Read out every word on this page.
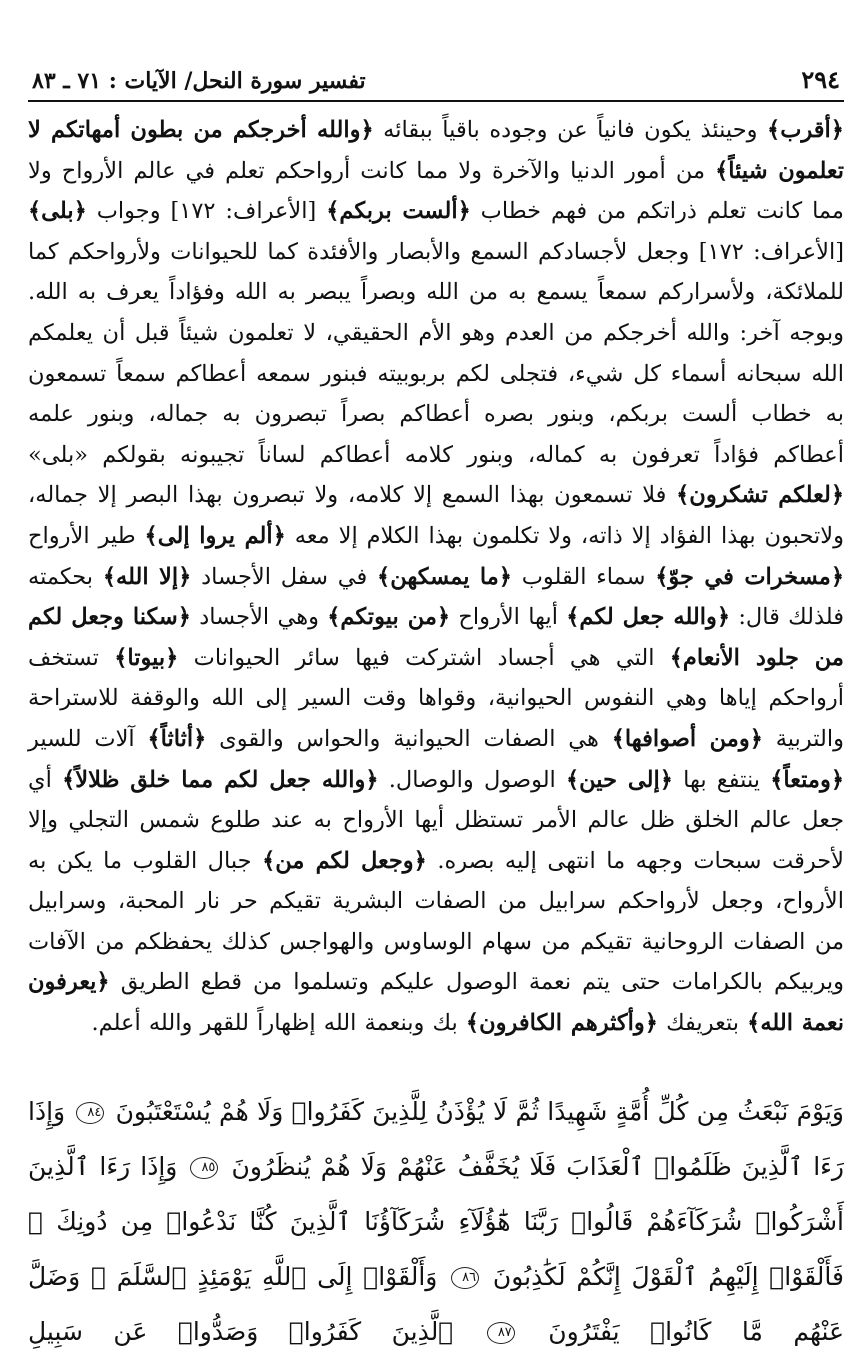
٢٩٤
تفسير سورة النحل/ الآيات : ٧١ ـ ٨٣

﴿أقرب﴾ وحينئذ يكون فانياً عن وجوده باقياً ببقائه ﴿والله أخرجكم من بطون أمهاتكم لا تعلمون شيئاً﴾ من أمور الدنيا والآخرة ولا مما كانت أرواحكم تعلم في عالم الأرواح ولا مما كانت تعلم ذراتكم من فهم خطاب ﴿ألست بربكم﴾ [الأعراف: ١٧٢] وجواب ﴿بلى﴾ [الأعراف: ١٧٢] وجعل لأجسادكم السمع والأبصار والأفئدة كما للحيوانات ولأرواحكم كما للملائكة، ولأسراركم سمعاً يسمع به من الله وبصراً يبصر به الله وفؤاداً يعرف به الله. وبوجه آخر: والله أخرجكم من العدم وهو الأم الحقيقي، لا تعلمون شيئاً قبل أن يعلمكم الله سبحانه أسماء كل شيء، فتجلى لكم بربوبيته فبنور سمعه أعطاكم سمعاً تسمعون به خطاب ألست بربكم، وبنور بصره أعطاكم بصراً تبصرون به جماله، وبنور علمه أعطاكم فؤاداً تعرفون به كماله، وبنور كلامه أعطاكم لساناً تجيبونه بقولكم «بلى» ﴿لعلكم تشكرون﴾ فلا تسمعون بهذا السمع إلا كلامه، ولا تبصرون بهذا البصر إلا جماله، ولاتحبون بهذا الفؤاد إلا ذاته، ولا تكلمون بهذا الكلام إلا معه ﴿ألم يروا إلى﴾ طير الأرواح ﴿مسخرات في جوّ﴾ سماء القلوب ﴿ما يمسكهن﴾ في سفل الأجساد ﴿إلا الله﴾ بحكمته فلذلك قال: ﴿والله جعل لكم﴾ أيها الأرواح ﴿من بيوتكم﴾ وهي الأجساد ﴿سكنا وجعل لكم من جلود الأنعام﴾ التي هي أجساد اشتركت فيها سائر الحيوانات ﴿بيوتا﴾ تستخف أرواحكم إياها وهي النفوس الحيوانية، وقواها وقت السير إلى الله والوقفة للاستراحة والتربية ﴿ومن أصوافها﴾ هي الصفات الحيوانية والحواس والقوى ﴿أثاثاً﴾ آلات للسير ﴿ومتعاً﴾ ينتفع بها ﴿إلى حين﴾ الوصول والوصال. ﴿والله جعل لكم مما خلق ظلالاً﴾ أي جعل عالم الخلق ظل عالم الأمر تستظل أيها الأرواح به عند طلوع شمس التجلي وإلا لأحرقت سبحات وجهه ما انتهى إليه بصره. ﴿وجعل لكم من﴾ جبال القلوب ما يكن به الأرواح، وجعل لأرواحكم سرابيل من الصفات البشرية تقيكم حر نار المحبة، وسرابيل من الصفات الروحانية تقيكم من سهام الوساوس والهواجس كذلك يحفظكم من الآفات ويربيكم بالكرامات حتى يتم نعمة الوصول عليكم وتسلموا من قطع الطريق ﴿يعرفون نعمة الله﴾ بتعريفك ﴿وأكثرهم الكافرون﴾ بك وبنعمة الله إظهاراً للقهر والله أعلم.

وَيَوْمَ نَبْعَثُ مِن كُلِّ أُمَّةٍ شَهِيدًا ثُمَّ لَا يُؤْذَنُ لِلَّذِينَ كَفَرُوا۟ وَلَا هُمْ يُسْتَعْتَبُونَ ٨٤ وَإِذَا رَءَا ٱلَّذِينَ ظَلَمُوا۟ ٱلْعَذَابَ فَلَا يُخَفَّفُ عَنْهُمْ وَلَا هُمْ يُنظَرُونَ ٨٥ وَإِذَا رَءَا ٱلَّذِينَ أَشْرَكُوا۟ شُرَكَآءَهُمْ قَالُوا۟ رَبَّنَا هَٰٓؤُلَآءِ شُرَكَآؤُنَا ٱلَّذِينَ كُنَّا نَدْعُوا۟ مِن دُونِكَ ۖ فَأَلْقَوْا۟ إِلَيْهِمُ ٱلْقَوْلَ إِنَّكُمْ لَكَٰذِبُونَ ٨٦ وَأَلْقَوْا۟ إِلَى ٱللَّهِ يَوْمَئِذٍ ٱلسَّلَمَ ۖ وَضَلَّ عَنْهُم مَّا كَانُوا۟ يَفْتَرُونَ ٨٧ ٱلَّذِينَ كَفَرُوا۟ وَصَدُّوا۟ عَن سَبِيلِ
